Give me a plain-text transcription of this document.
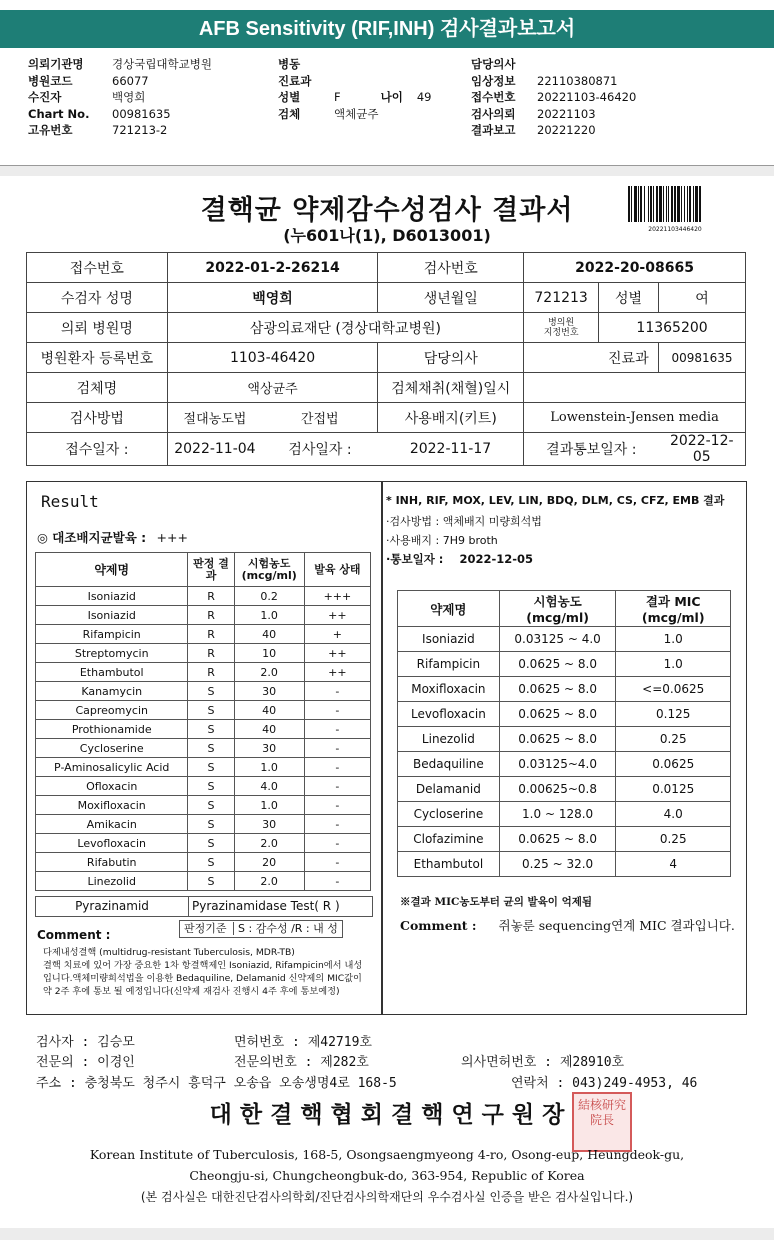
AFB Sensitivity (RIF,INH) 검사결과보고서
의뢰기관명 경상국립대학교병원
병원코드	66077
수진자	백영희
Chart No. 00981635
고유번호	721213-2
병동
진료과
성별	F	나이 49
검체	액체균주
담당의사
임상정보 22110380871
접수번호 20221103-46420
검사의뢰 20221103
결과보고 20221220
20221103446420
결핵균 약제감수성검사 결과서
(누601나(1), D6013001)
접수번호	2022-01-2-26214		검사번호	2022-20-08665		
수검자 성명	백영희		생년월일	721213	성별	여
의뢰 병원명	삼광의료재단 (경상대학교병원)			병의원
지정번호	11365200	
병원환자 등록번호	1103-46420		담당의사		진료과	00981635
검체명	액상균주		검체채취(채혈)일시			
검사방법	절대농도법	간접법	사용배지(키트)	Lowenstein-Jensen media		
접수일자 :	2022-11-04	검사일자 :	2022-11-17	결과통보일자 :		2022-12-05
Result
◎ 대조배지균발육 : +++
약제명	판정 결과	시험농도 (mcg/ml)	발육 상태
Isoniazid	R	0.2	+++
Isoniazid	R	1.0	++
Rifampicin	R	40	+
Streptomycin	R	10	++
Ethambutol	R	2.0	++
Kanamycin	S	30	-
Capreomycin	S	40	-
Prothionamide	S	40	-
Cycloserine	S	30	-
P-Aminosalicylic Acid	S	1.0	-
Ofloxacin	S	4.0	-
Moxifloxacin	S	1.0	-
Amikacin	S	30	-
Levofloxacin	S	2.0	-
Rifabutin	S	20	-
Linezolid	S	2.0	-
Pyrazinamid	Pyrazinamidase Test( R )
판정기준 S : 감수성 /R : 내 성
Comment :
다제내성결핵 (multidrug-resistant Tuberculosis, MDR-TB)
결핵 치료에 있어 가장 중요한 1차 항결핵제인 Isoniazid, Rifampicin에서 내성
입니다.액체미량희석법을 이용한 Bedaquiline, Delamanid 신약제의 MIC값이
약 2주 후에 통보 될 예정입니다(신약제 재검사 진행시 4주 후에 통보예정)
* INH, RIF, MOX, LEV, LIN, BDQ, DLM, CS, CFZ, EMB 결과
·검사방법 : 액체배지 미량희석법
·사용배지 : 7H9 broth
·통보일자 : 2022-12-05
약제명	시험농도 (mcg/ml)	결과 MIC (mcg/ml)
Isoniazid	0.03125 ~ 4.0	1.0
Rifampicin	0.0625 ~ 8.0	1.0
Moxifloxacin	0.0625 ~ 8.0	<=0.0625
Levofloxacin	0.0625 ~ 8.0	0.125
Linezolid	0.0625 ~ 8.0	0.25
Bedaquiline	0.03125~4.0	0.0625
Delamanid	0.00625~0.8	0.0125
Cycloserine	1.0 ~ 128.0	4.0
Clofazimine	0.0625 ~ 8.0	0.25
Ethambutol	0.25 ~ 32.0	4
※결과 MIC농도부터 균의 발육이 억제됨
Comment : 쥐놓룬 sequencing연계 MIC 결과입니다.
검사자 : 김승모	면허번호 : 제42719호
전문의 : 이경인	전문의번호 : 제282호	의사면허번호 : 제28910호
주소 : 충청북도 청주시 흥덕구 오송읍 오송생명4로 168-5	연락처 : 043)249-4953, 46
대 한 결 핵 협 회 결 핵 연 구 원 장	結核研究院長
Korean Institute of Tuberculosis, 168-5, Osongsaengmyeong 4-ro, Osong-eup, Heungdeok-gu,
Cheongju-si, Chungcheongbuk-do, 363-954, Republic of Korea
(본 검사실은 대한진단검사의학회/진단검사의학재단의 우수검사실 인증을 받은 검사실입니다.)
